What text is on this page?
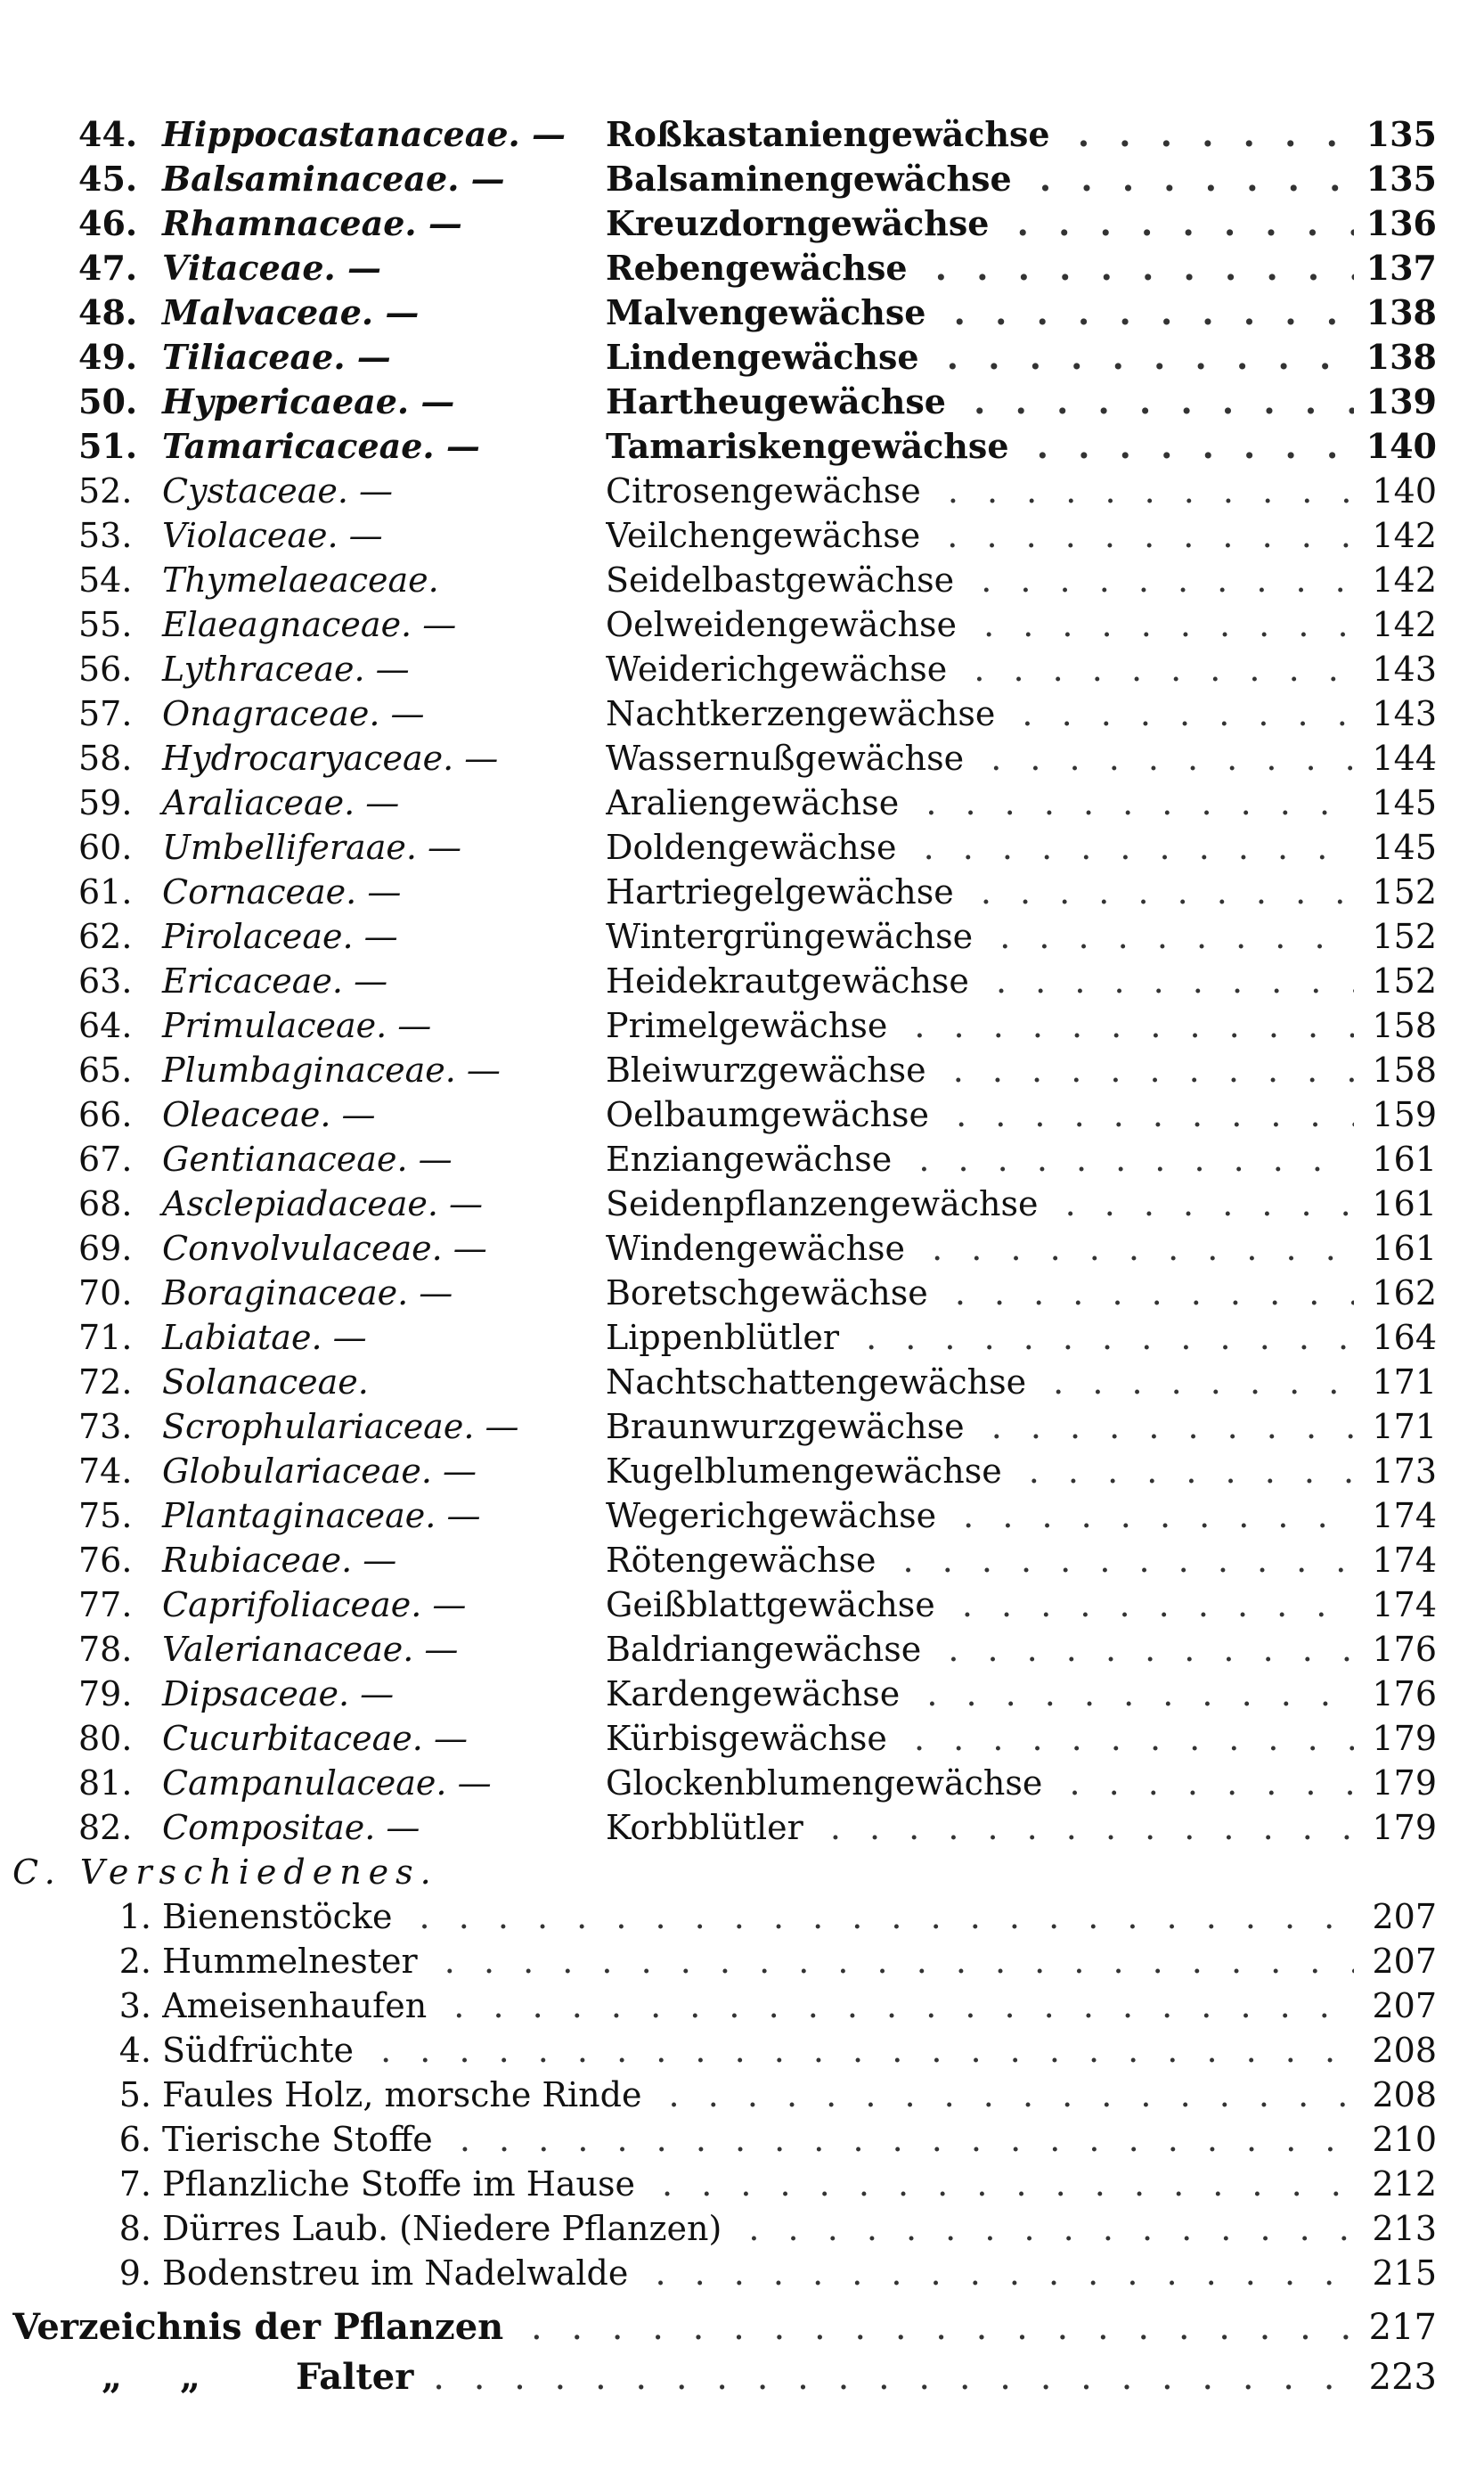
44. Hippocastanaceae. — Roßkastaniengewächse . . .	135
45. Balsaminaceae. —	Balsaminengewächse . . .	135
46. Rhamnaceae. —	Kreuzdorngewächse . . .	136
47. Vitaceae. —	Rebengewächse . . .	137
48. Malvaceae. —	Malvengewächse . . .	138
49. Tiliaceae. —	Lindengewächse . . .	138
50. Hypericaeae. —	Hartheugewächse . . .	139
51. Tamaricaceae. —	Tamariskengewächse . . .	140
52. Cystaceae. —	Citrosengewächse . . .	140
53. Violaceae. —	Veilchengewächse . . .	142
54. Thymelaeaceae.	Seidelbastgewächse . . .	142
55. Elaeagnaceae. —	Oelweidengewächse . . .	142
56. Lythraceae. —	Weiderichgewächse . . .	143
57. Onagraceae. —	Nachtkerzengewächse . . .	143
58. Hydrocaryaceae. —	Wassernußgewächse . . .	144
59. Araliaceae. —	Araliengewächse . . .	145
60. Umbelliferaae. —	Doldengewächse . . .	145
61. Cornaceae. —	Hartriegelgewächse . . .	152
62. Pirolaceae. —	Wintergrüngewächse . . .	152
63. Ericaceae. —	Heidekrautgewächse . . .	152
64. Primulaceae. —	Primelgewächse . . .	158
65. Plumbaginaceae. —	Bleiwurzgewächse . . .	158
66. Oleaceae. —	Oelbaumgewächse . . .	159
67. Gentianaceae. —	Enziangewächse . . .	161
68. Asclepiadaceae. —	Seidenpflanzengewächse . . .	161
69. Convolvulaceae. —	Windengewächse . . .	161
70. Boraginaceae. —	Boretschgewächse . . .	162
71. Labiatae. —	Lippenblütler . . .	164
72. Solanaceae.	Nachtschattengewächse . . .	171
73. Scrophulariaceae. —	Braunwurzgewächse . . .	171
74. Globulariaceae. —	Kugelblumengewächse . . .	173
75. Plantaginaceae. —	Wegerichgewächse . . .	174
76. Rubiaceae. —	Rötengewächse . . .	174
77. Caprifoliaceae. —	Geißblattgewächse . . .	174
78. Valerianaceae. —	Baldriangewächse . . .	176
79. Dipsaceae. —	Kardengewächse . . .	176
80. Cucurbitaceae. —	Kürbisgewächse . . .	179
81. Campanulaceae. —	Glockenblumengewächse . . .	179
82. Compositae. —	Korbblütler . . .	179
C. Verschiedenes.
1. Bienenstöcke . . .	207
2. Hummelnester . . .	207
3. Ameisenhaufen . . .	207
4. Südfrüchte . . .	208
5. Faules Holz, morsche Rinde . . .	208
6. Tierische Stoffe . . .	210
7. Pflanzliche Stoffe im Hause . . .	212
8. Dürres Laub. (Niedere Pflanzen) . . .	213
9. Bodenstreu im Nadelwalde . . .	215
Verzeichnis der Pflanzen . . .	217
„ „	Falter . . .	223
